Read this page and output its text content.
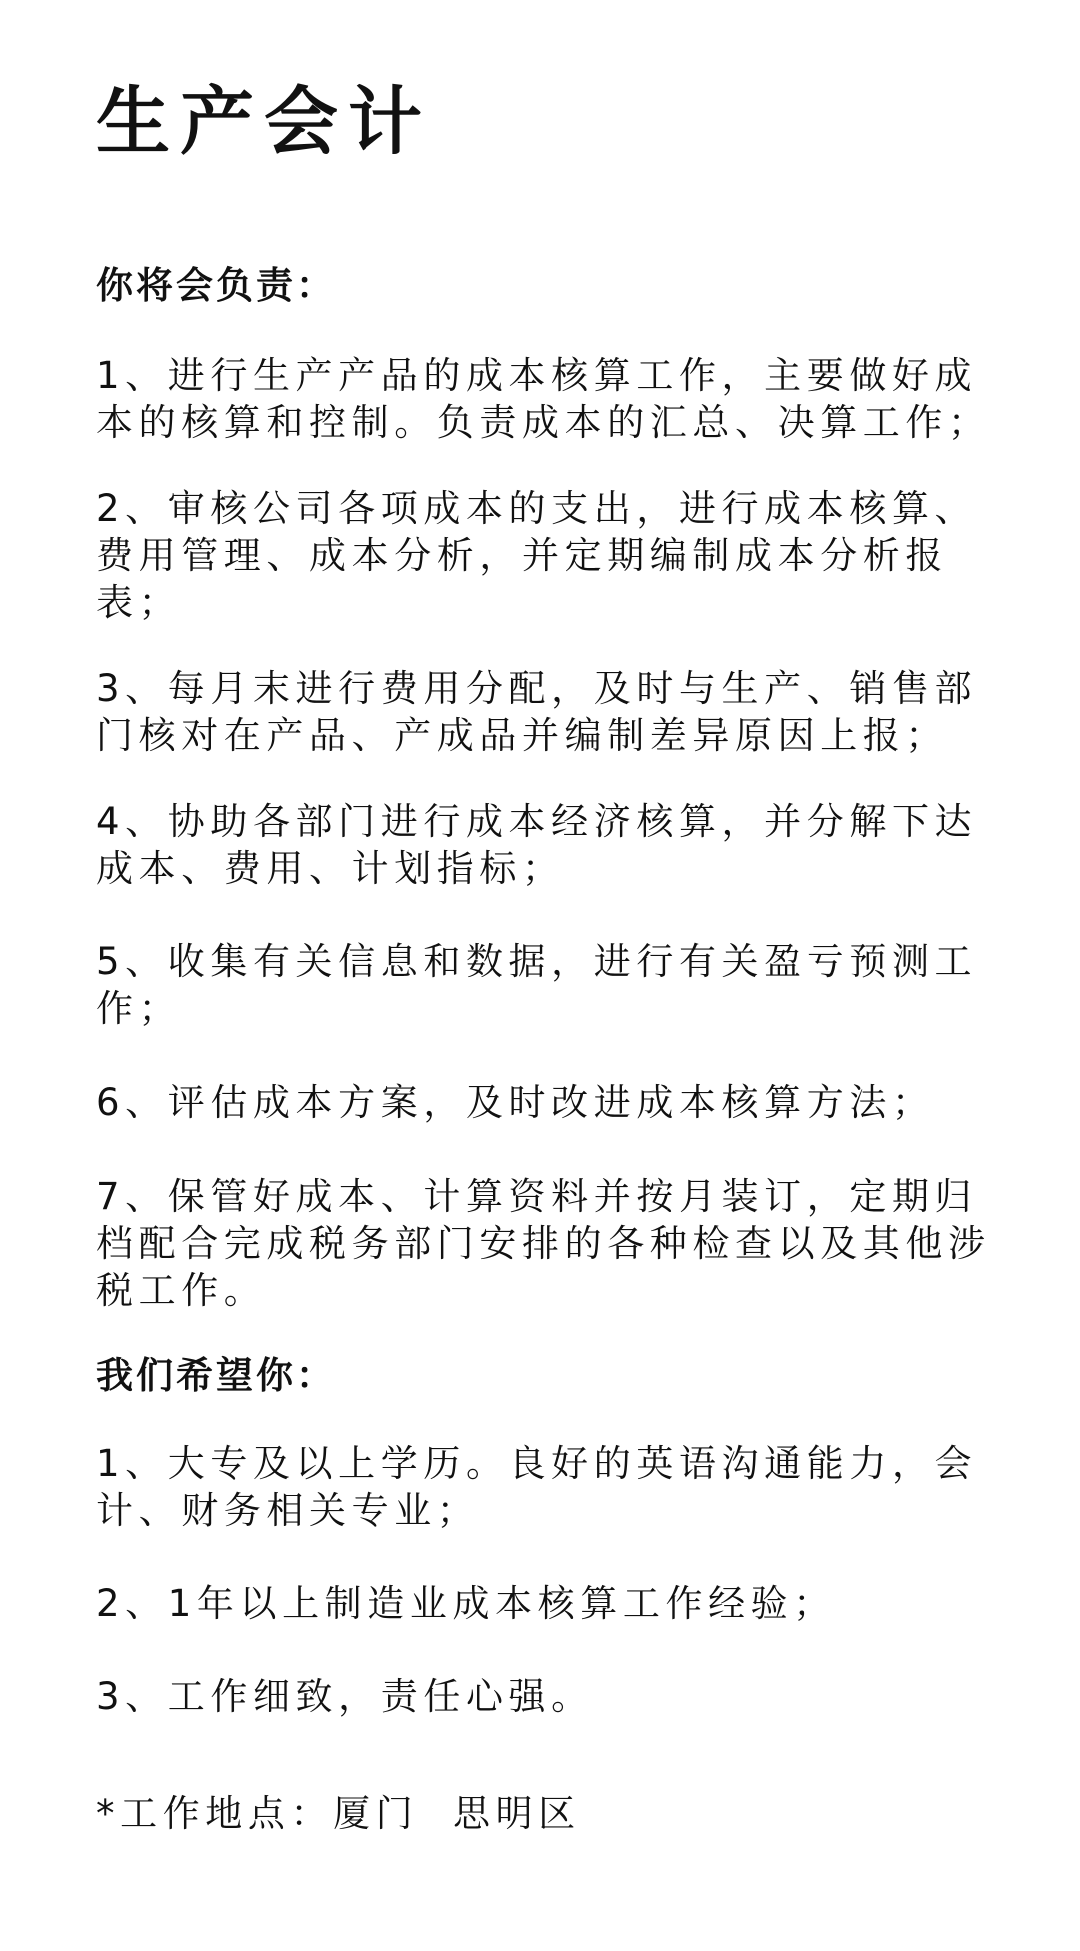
生产会计
你将会负责：
1、进行生产产品的成本核算工作，主要做好成本的核算和控制。负责成本的汇总、决算工作；
2、审核公司各项成本的支出，进行成本核算、费用管理、成本分析，并定期编制成本分析报表；
3、每月末进行费用分配，及时与生产、销售部门核对在产品、产成品并编制差异原因上报；
4、协助各部门进行成本经济核算，并分解下达成本、费用、计划指标；
5、收集有关信息和数据，进行有关盈亏预测工作；
6、评估成本方案，及时改进成本核算方法；
7、保管好成本、计算资料并按月装订，定期归档配合完成税务部门安排的各种检查以及其他涉税工作。
我们希望你：
1、大专及以上学历。良好的英语沟通能力，会计、财务相关专业；
2、1年以上制造业成本核算工作经验；
3、工作细致，责任心强。

*工作地点：厦门  思明区
